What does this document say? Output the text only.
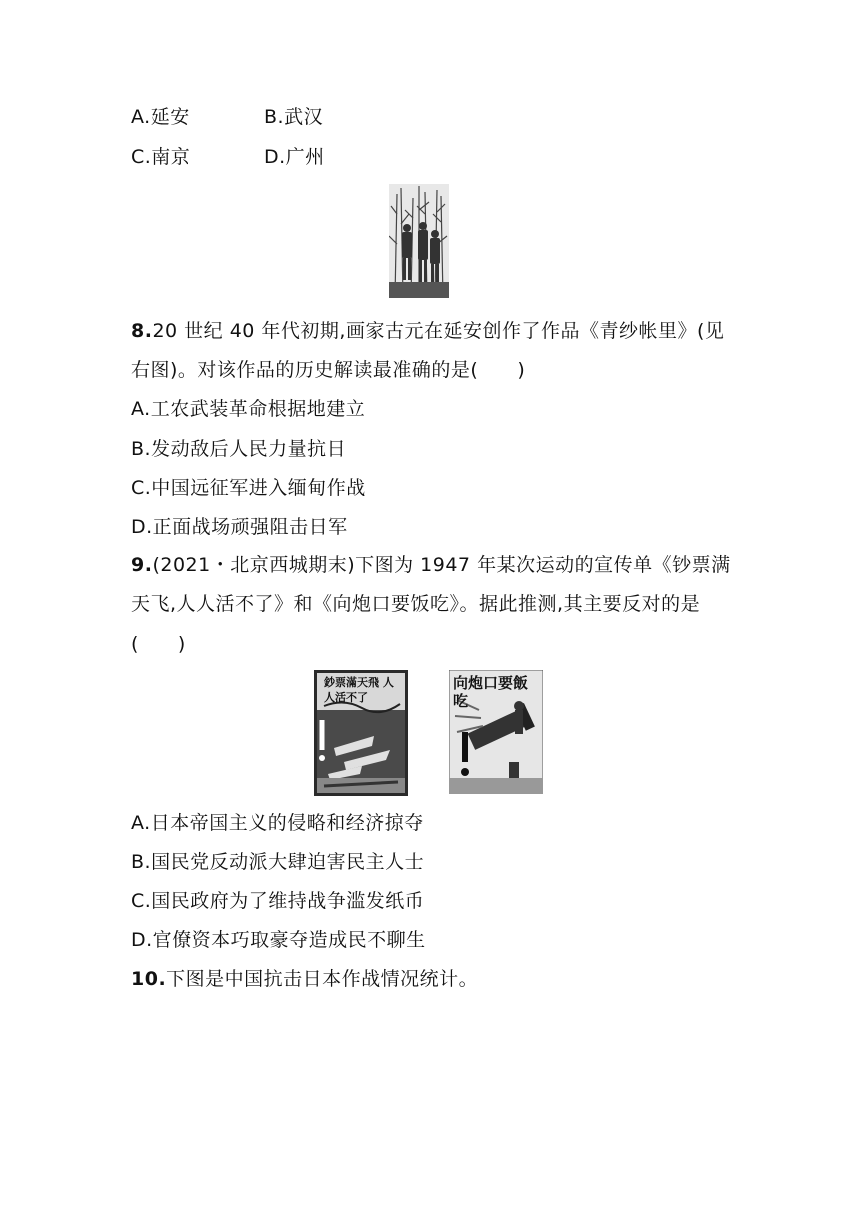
A.延安	B.武汉
C.南京	D.广州
8.20 世纪 40 年代初期,画家古元在延安创作了作品《青纱帐里》(见
右图)。对该作品的历史解读最准确的是(　　)
A.工农武装革命根据地建立
B.发动敌后人民力量抗日
C.中国远征军进入缅甸作战
D.正面战场顽强阻击日军
9.(2021・北京西城期末)下图为 1947 年某次运动的宣传单《钞票满
天飞,人人活不了》和《向炮口要饭吃》。据此推测,其主要反对的是
(　　)
鈔票滿天飛 人人活不了
向炮口要飯吃
A.日本帝国主义的侵略和经济掠夺
B.国民党反动派大肆迫害民主人士
C.国民政府为了维持战争滥发纸币
D.官僚资本巧取豪夺造成民不聊生
10.下图是中国抗击日本作战情况统计。
